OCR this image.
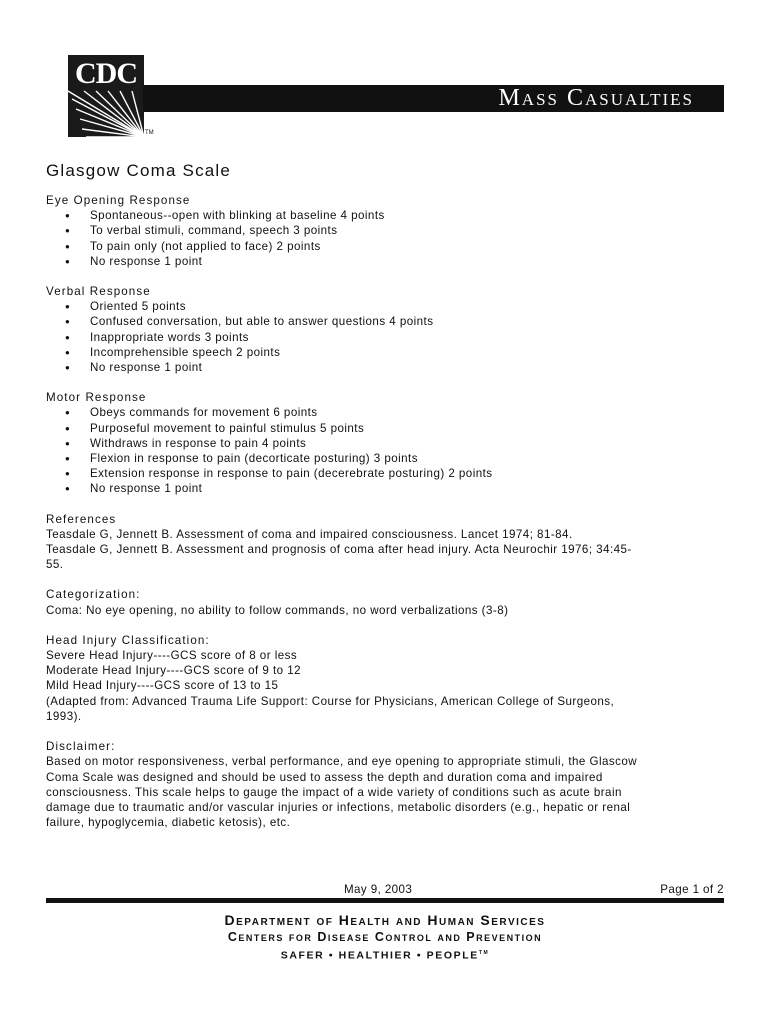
CDC
TM
Mass Casualties
Glasgow Coma Scale
Eye Opening Response
● Spontaneous--open with blinking at baseline 4 points
● To verbal stimuli, command, speech 3 points
● To pain only (not applied to face) 2 points
● No response 1 point
Verbal Response
● Oriented 5 points
● Confused conversation, but able to answer questions 4 points
● Inappropriate words 3 points
● Incomprehensible speech 2 points
● No response 1 point
Motor Response
● Obeys commands for movement 6 points
● Purposeful movement to painful stimulus 5 points
● Withdraws in response to pain 4 points
● Flexion in response to pain (decorticate posturing) 3 points
● Extension response in response to pain (decerebrate posturing) 2 points
● No response 1 point
References
Teasdale G, Jennett B. Assessment of coma and impaired consciousness. Lancet 1974; 81-84.
Teasdale G, Jennett B. Assessment and prognosis of coma after head injury. Acta Neurochir 1976; 34:45-
55.
Categorization:
Coma: No eye opening, no ability to follow commands, no word verbalizations (3-8)
Head Injury Classification:
Severe Head Injury----GCS score of 8 or less
Moderate Head Injury----GCS score of 9 to 12
Mild Head Injury----GCS score of 13 to 15
(Adapted from: Advanced Trauma Life Support: Course for Physicians, American College of Surgeons,
1993).
Disclaimer:
Based on motor responsiveness, verbal performance, and eye opening to appropriate stimuli, the Glascow
Coma Scale was designed and should be used to assess the depth and duration coma and impaired
consciousness. This scale helps to gauge the impact of a wide variety of conditions such as acute brain
damage due to traumatic and/or vascular injuries or infections, metabolic disorders (e.g., hepatic or renal
failure, hypoglycemia, diabetic ketosis), etc.
May 9, 2003	Page 1 of 2
Department of Health and Human Services
Centers for Disease Control and Prevention
SAFER • HEALTHIER • PEOPLE™
